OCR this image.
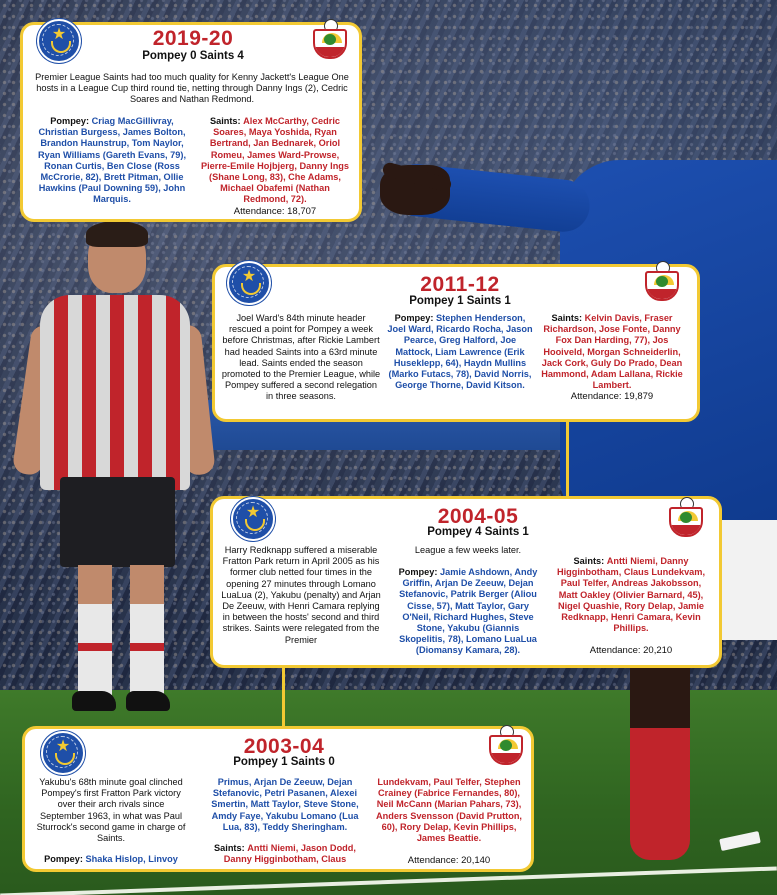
★	2019-20
Pompey 0 Saints 4
Premier League Saints had too much quality for Kenny Jackett's League One hosts in a League Cup third round tie, netting through Danny Ings (2), Cedric Soares and Nathan Redmond.
Pompey: Criag MacGillivray, Christian Burgess, James Bolton, Brandon Haunstrup, Tom Naylor, Ryan Williams (Gareth Evans, 79), Ronan Curtis, Ben Close (Ross McCrorie, 82), Brett Pitman, Ollie Hawkins (Paul Downing 59), John Marquis.
Saints: Alex McCarthy, Cedric Soares, Maya Yoshida, Ryan Bertrand, Jan Bednarek, Oriol Romeu, James Ward-Prowse, Pierre-Emile Hojbjerg, Danny Ings (Shane Long, 83), Che Adams, Michael Obafemi (Nathan Redmond, 72).
Attendance: 18,707
★	2011-12
Pompey 1 Saints 1
Joel Ward's 84th minute header rescued a point for Pompey a week before Christmas, after Rickie Lambert had headed Saints into a 63rd minute lead. Saints ended the season promoted to the Premier League, while Pompey suffered a second relegation in three seasons.
Pompey: Stephen Henderson, Joel Ward, Ricardo Rocha, Jason Pearce, Greg Halford, Joe Mattock, Liam Lawrence (Erik Huseklepp, 64), Haydn Mullins (Marko Futacs, 78), David Norris, George Thorne, David Kitson.
Saints: Kelvin Davis, Fraser Richardson, Jose Fonte, Danny Fox Dan Harding, 77), Jos Hooiveld, Morgan Schneiderlin, Jack Cork, Guly Do Prado, Dean Hammond, Adam Lallana, Rickie Lambert.
Attendance: 19,879
★	2004-05
Pompey 4 Saints 1
Harry Redknapp suffered a miserable Fratton Park return in April 2005 as his former club netted four times in the opening 27 minutes through Lomano LuaLua (2), Yakubu (penalty) and Arjan De Zeeuw, with Henri Camara replying in between the hosts' second and third strikes. Saints were relegated from the Premier
League a few weeks later.
Pompey: Jamie Ashdown, Andy Griffin, Arjan De Zeeuw, Dejan Stefanovic, Patrik Berger (Aliou Cisse, 57), Matt Taylor, Gary O'Neil, Richard Hughes, Steve Stone, Yakubu (Giannis Skopelitis, 78), Lomano LuaLua (Diomansy Kamara, 28).
Saints: Antti Niemi, Danny Higginbotham, Claus Lundekvam, Paul Telfer, Andreas Jakobsson, Matt Oakley (Olivier Barnard, 45), Nigel Quashie, Rory Delap, Jamie Redknapp, Henri Camara, Kevin Phillips.
Attendance: 20,210
★	2003-04
Pompey 1 Saints 0
Yakubu's 68th minute goal clinched Pompey's first Fratton Park victory over their arch rivals since September 1963, in what was Paul Sturrock's second game in charge of Saints.
Pompey: Shaka Hislop, Linvoy
Primus, Arjan De Zeeuw, Dejan Stefanovic, Petri Pasanen, Alexei Smertin, Matt Taylor, Steve Stone, Amdy Faye, Yakubu Lomano (Lua Lua, 83), Teddy Sheringham.
Saints: Antti Niemi, Jason Dodd, Danny Higginbotham, Claus
Lundekvam, Paul Telfer, Stephen Crainey (Fabrice Fernandes, 80), Neil McCann (Marian Pahars, 73), Anders Svensson (David Prutton, 60), Rory Delap, Kevin Phillips, James Beattie.
Attendance: 20,140
